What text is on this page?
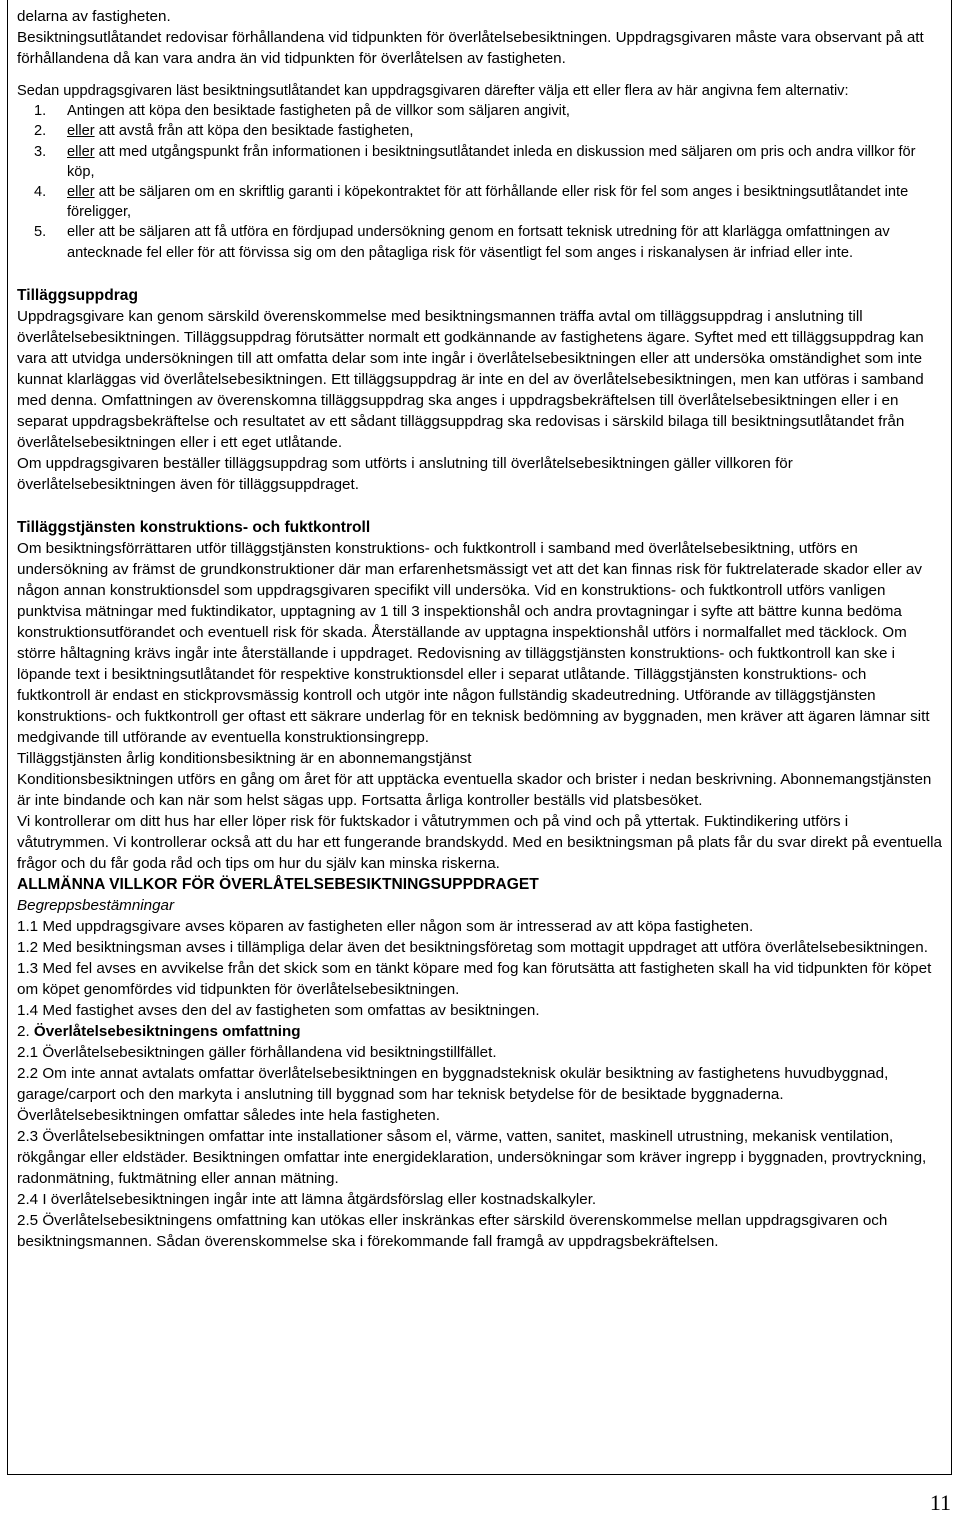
delarna av fastigheten.

Besiktningsutlåtandet redovisar förhållandena vid tidpunkten för överlåtelsebesiktningen. Uppdragsgivaren måste vara observant på att förhållandena då kan vara andra än vid tidpunkten för överlåtelsen av fastigheten.

Sedan uppdragsgivaren läst besiktningsutlåtandet kan uppdragsgivaren därefter välja ett eller flera av här angivna fem alternativ:

1.	Antingen att köpa den besiktade fastigheten på de villkor som säljaren angivit,
2.	eller att avstå från att köpa den besiktade fastigheten,
3.	eller att med utgångspunkt från informationen i besiktningsutlåtandet inleda en diskussion med säljaren om pris och andra villkor för köp,
4.	eller att be säljaren om en skriftlig garanti i köpekontraktet för att förhållande eller risk för fel som anges i besiktningsutlåtandet inte föreligger,
5.	eller att be säljaren att få utföra en fördjupad undersökning genom en fortsatt teknisk utredning för att klarlägga omfattningen av antecknade fel eller för att förvissa sig om den påtagliga risk för väsentligt fel som anges i riskanalysen är infriad eller inte.
Tilläggsuppdrag

Uppdragsgivare kan genom särskild överenskommelse med besiktningsmannen träffa avtal om tilläggsuppdrag i anslutning till överlåtelsebesiktningen. Tilläggsuppdrag förutsätter normalt ett godkännande av fastighetens ägare. Syftet med ett tilläggsuppdrag kan vara att utvidga undersökningen till att omfatta delar som inte ingår i överlåtelsebesiktningen eller att undersöka omständighet som inte kunnat klarläggas vid överlåtelsebesiktningen. Ett tilläggsuppdrag är inte en del av överlåtelsebesiktningen, men kan utföras i samband med denna. Omfattningen av överenskomna tilläggsuppdrag ska anges i uppdragsbekräftelsen till överlåtelsebesiktningen eller i en separat uppdragsbekräftelse och resultatet av ett sådant tilläggsuppdrag ska redovisas i särskild bilaga till besiktningsutlåtandet från överlåtelsebesiktningen eller i ett eget utlåtande.

Om uppdragsgivaren beställer tilläggsuppdrag som utförts i anslutning till överlåtelsebesiktningen gäller villkoren för överlåtelsebesiktningen även för tilläggsuppdraget.

Tilläggstjänsten konstruktions- och fuktkontroll

Om besiktningsförrättaren utför tilläggstjänsten konstruktions- och fuktkontroll i samband med överlåtelsebesiktning, utförs en undersökning av främst de grundkonstruktioner där man erfarenhetsmässigt vet att det kan finnas risk för fuktrelaterade skador eller av någon annan konstruktionsdel som uppdragsgivaren specifikt vill undersöka. Vid en konstruktions- och fuktkontroll utförs vanligen punktvisa mätningar med fuktindikator, upptagning av 1 till 3 inspektionshål och andra provtagningar i syfte att bättre kunna bedöma konstruktionsutförandet och eventuell risk för skada. Återställande av upptagna inspektionshål utförs i normalfallet med täcklock. Om större håltagning krävs ingår inte återställande i uppdraget. Redovisning av tilläggstjänsten konstruktions- och fuktkontroll kan ske i löpande text i besiktningsutlåtandet för respektive konstruktionsdel eller i separat utlåtande. Tilläggstjänsten konstruktions- och fuktkontroll är endast en stickprovsmässig kontroll och utgör inte någon fullständig skadeutredning. Utförande av tilläggstjänsten konstruktions- och fuktkontroll ger oftast ett säkrare underlag för en teknisk bedömning av byggnaden, men kräver att ägaren lämnar sitt medgivande till utförande av eventuella konstruktionsingrepp.

Tilläggstjänsten årlig konditionsbesiktning är en abonnemangstjänst

Konditionsbesiktningen utförs en gång om året för att upptäcka eventuella skador och brister i nedan beskrivning. Abonnemangstjänsten är inte bindande och kan när som helst sägas upp. Fortsatta årliga kontroller beställs vid platsbesöket.

Vi kontrollerar om ditt hus har eller löper risk för fuktskador i våtutrymmen och på vind och på yttertak. Fuktindikering utförs i våtutrymmen. Vi kontrollerar också att du har ett fungerande brandskydd. Med en besiktningsman på plats får du svar direkt på eventuella frågor och du får goda råd och tips om hur du själv kan minska riskerna.

ALLMÄNNA VILLKOR FÖR ÖVERLÅTELSEBESIKTNINGSUPPDRAGET

Begreppsbestämningar

1.1 Med uppdragsgivare avses köparen av fastigheten eller någon som är intresserad av att köpa fastigheten.

1.2 Med besiktningsman avses i tillämpliga delar även det besiktningsföretag som mottagit uppdraget att utföra överlåtelsebesiktningen.

1.3 Med fel avses en avvikelse från det skick som en tänkt köpare med fog kan förutsätta att fastigheten skall ha vid tidpunkten för köpet om köpet genomfördes vid tidpunkten för överlåtelsebesiktningen.

1.4 Med fastighet avses den del av fastigheten som omfattas av besiktningen.

2. Överlåtelsebesiktningens omfattning

2.1 Överlåtelsebesiktningen gäller förhållandena vid besiktningstillfället.

2.2 Om inte annat avtalats omfattar överlåtelsebesiktningen en byggnadsteknisk okulär besiktning av fastighetens huvudbyggnad, garage/carport och den markyta i anslutning till byggnad som har teknisk betydelse för de besiktade byggnaderna. Överlåtelsebesiktningen omfattar således inte hela fastigheten.

2.3 Överlåtelsebesiktningen omfattar inte installationer såsom el, värme, vatten, sanitet, maskinell utrustning, mekanisk ventilation, rökgångar eller eldstäder. Besiktningen omfattar inte energideklaration, undersökningar som kräver ingrepp i byggnaden, provtryckning, radonmätning, fuktmätning eller annan mätning.

2.4 I överlåtelsebesiktningen ingår inte att lämna åtgärdsförslag eller kostnadskalkyler.

2.5 Överlåtelsebesiktningens omfattning kan utökas eller inskränkas efter särskild överenskommelse mellan uppdragsgivaren och besiktningsmannen. Sådan överenskommelse ska i förekommande fall framgå av uppdragsbekräftelsen.

11
